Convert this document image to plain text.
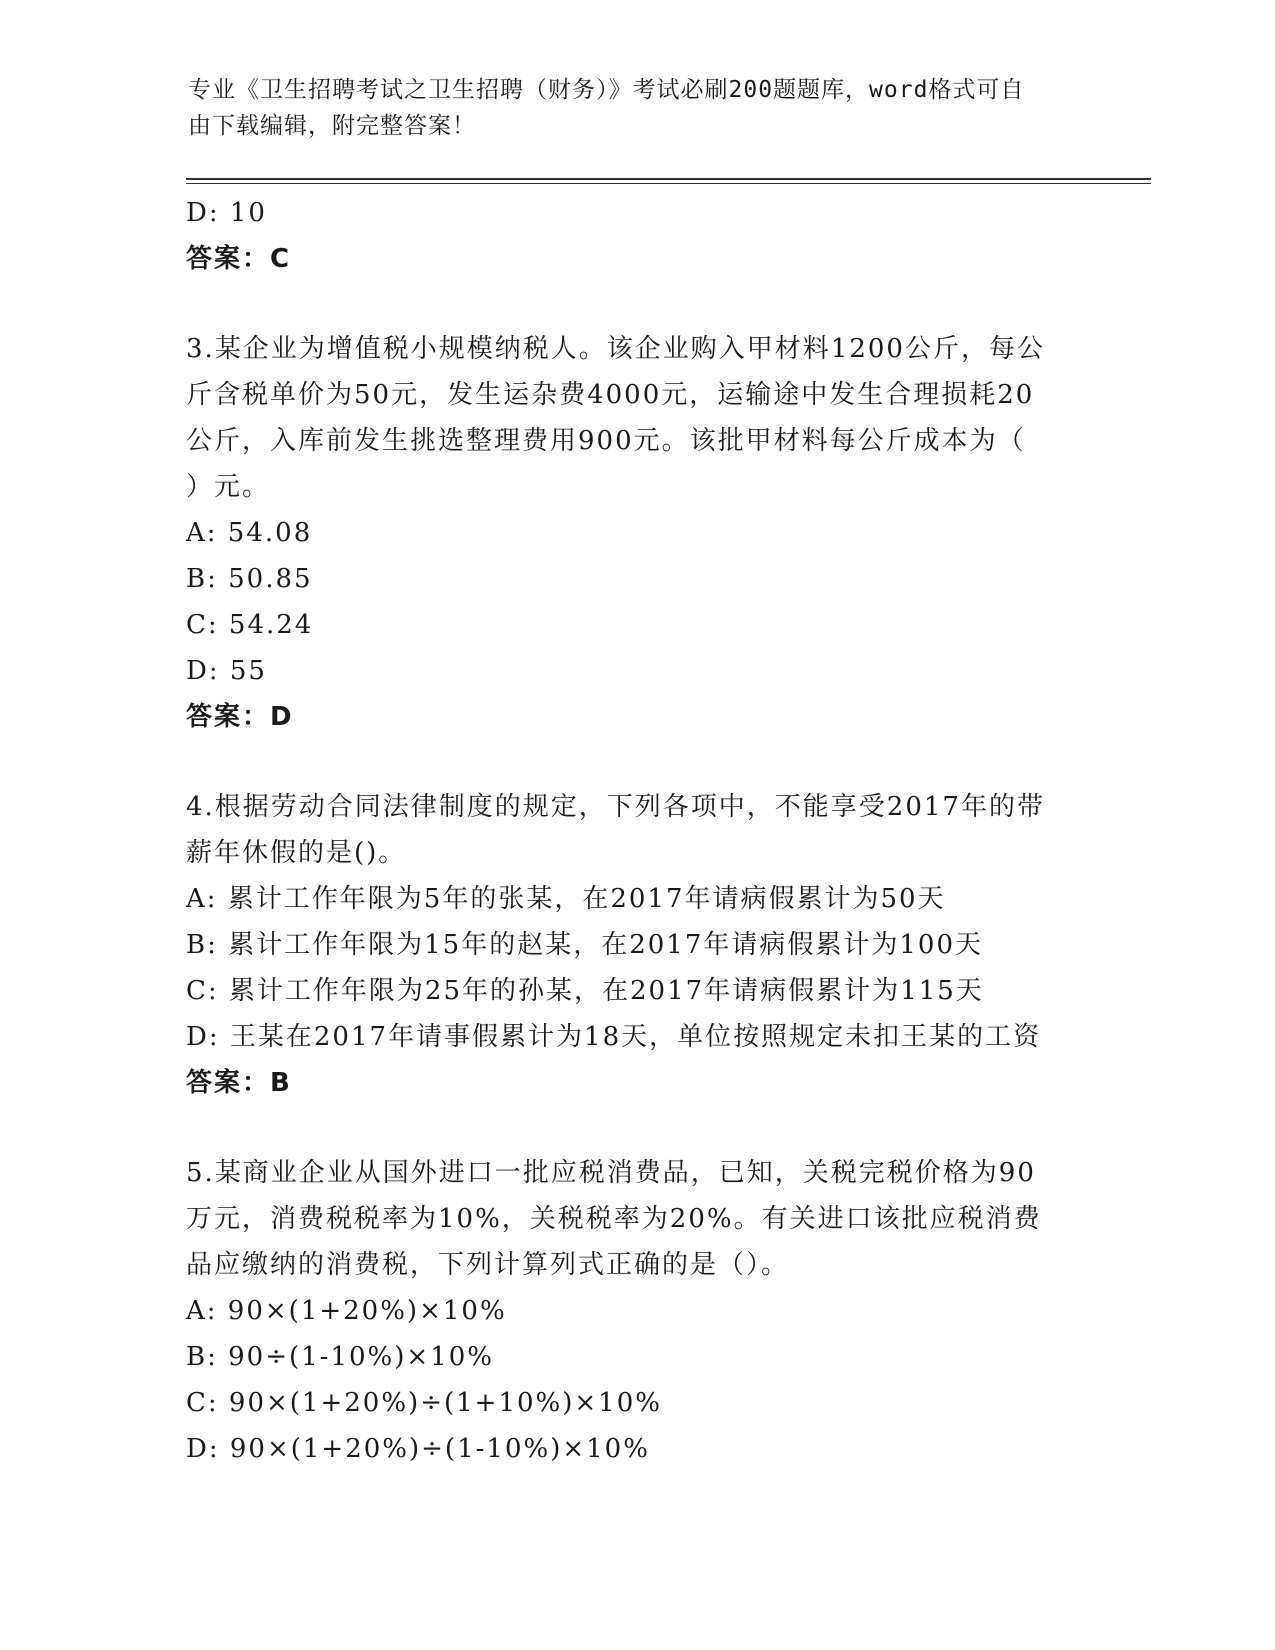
专业《卫生招聘考试之卫生招聘（财务）》考试必刷200题题库，word格式可自
由下载编辑，附完整答案！
D: 10
答案：C
3.某企业为增值税小规模纳税人。该企业购入甲材料1200公斤，每公
斤含税单价为50元，发生运杂费4000元，运输途中发生合理损耗20
公斤，入库前发生挑选整理费用900元。该批甲材料每公斤成本为（
）元。
A: 54.08
B: 50.85
C: 54.24
D: 55
答案：D
4.根据劳动合同法律制度的规定，下列各项中，不能享受2017年的带
薪年休假的是()。
A: 累计工作年限为5年的张某，在2017年请病假累计为50天
B: 累计工作年限为15年的赵某，在2017年请病假累计为100天
C: 累计工作年限为25年的孙某，在2017年请病假累计为115天
D: 王某在2017年请事假累计为18天，单位按照规定未扣王某的工资
答案：B
5.某商业企业从国外进口一批应税消费品，已知，关税完税价格为90
万元，消费税税率为10%，关税税率为20%。有关进口该批应税消费
品应缴纳的消费税，下列计算列式正确的是（）。
A: 90×(1+20%)×10%
B: 90÷(1-10%)×10%
C: 90×(1+20%)÷(1+10%)×10%
D: 90×(1+20%)÷(1-10%)×10%
